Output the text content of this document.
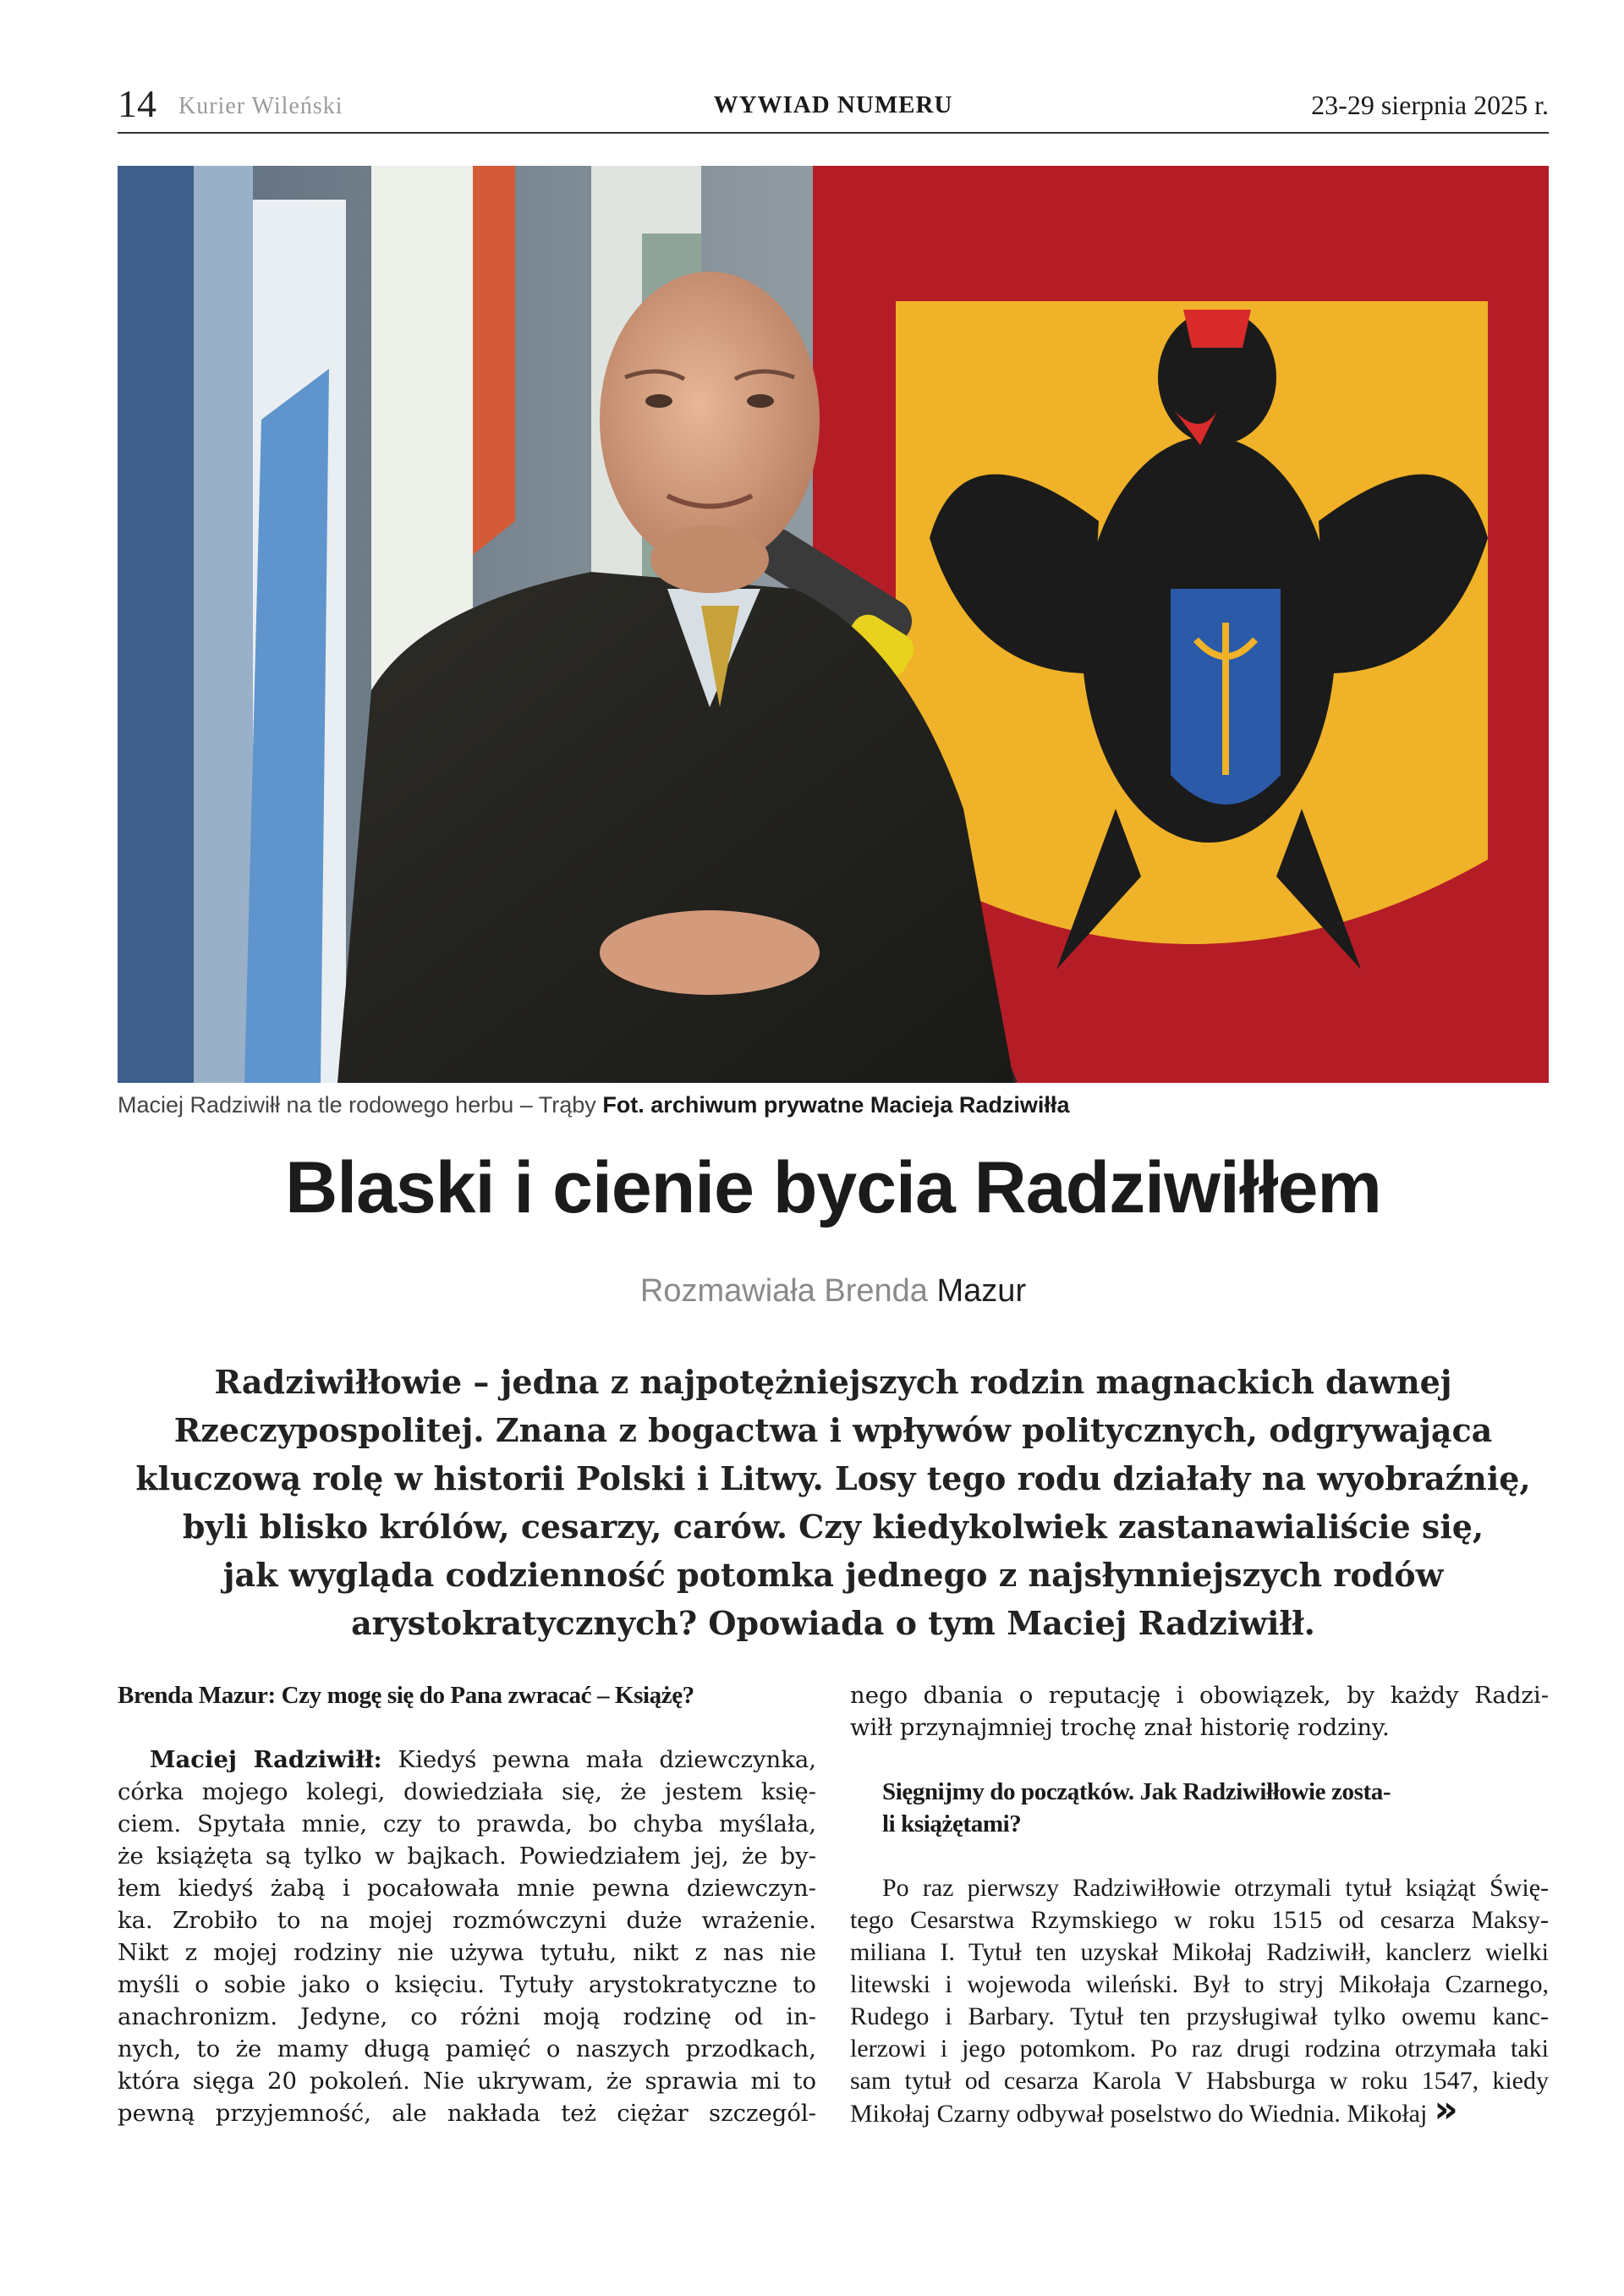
14 Kurier Wileński	WYWIAD NUMERU	23-29 sierpnia 2025 r.
Maciej Radziwiłł na tle rodowego herbu – Trąby Fot. archiwum prywatne Macieja Radziwiłła
Blaski i cienie bycia Radziwiłłem
Rozmawiała Brenda Mazur
Radziwiłłowie – jedna z najpotężniejszych rodzin magnackich dawnej
Rzeczypospolitej. Znana z bogactwa i wpływów politycznych, odgrywająca
kluczową rolę w historii Polski i Litwy. Losy tego rodu działały na wyobraźnię,
byli blisko królów, cesarzy, carów. Czy kiedykolwiek zastanawialiście się,
jak wygląda codzienność potomka jednego z najsłynniejszych rodów
arystokratycznych? Opowiada o tym Maciej Radziwiłł.
Brenda Mazur: Czy mogę się do Pana zwracać – Książę?
Maciej Radziwiłł: Kiedyś pewna mała dziewczynka,
córka mojego kolegi, dowiedziała się, że jestem księ-
ciem. Spytała mnie, czy to prawda, bo chyba myślała,
że książęta są tylko w bajkach. Powiedziałem jej, że by-
łem kiedyś żabą i pocałowała mnie pewna dziewczyn-
ka. Zrobiło to na mojej rozmówczyni duże wrażenie.
Nikt z mojej rodziny nie używa tytułu, nikt z nas nie
myśli o sobie jako o księciu. Tytuły arystokratyczne to
anachronizm. Jedyne, co różni moją rodzinę od in-
nych, to że mamy długą pamięć o naszych przodkach,
która sięga 20 pokoleń. Nie ukrywam, że sprawia mi to
pewną przyjemność, ale nakłada też ciężar szczegól-
nego dbania o reputację i obowiązek, by każdy Radzi-
wiłł przynajmniej trochę znał historię rodziny.
Sięgnijmy do początków. Jak Radziwiłłowie zosta-
li książętami?
Po raz pierwszy Radziwiłłowie otrzymali tytuł książąt Świę-
tego Cesarstwa Rzymskiego w roku 1515 od cesarza Maksy-
miliana I. Tytuł ten uzyskał Mikołaj Radziwiłł, kanclerz wielki
litewski i wojewoda wileński. Był to stryj Mikołaja Czarnego,
Rudego i Barbary. Tytuł ten przysługiwał tylko owemu kanc-
lerzowi i jego potomkom. Po raz drugi rodzina otrzymała taki
sam tytuł od cesarza Karola V Habsburga w roku 1547, kiedy
Mikołaj Czarny odbywał poselstwo do Wiednia. Mikołaj »
